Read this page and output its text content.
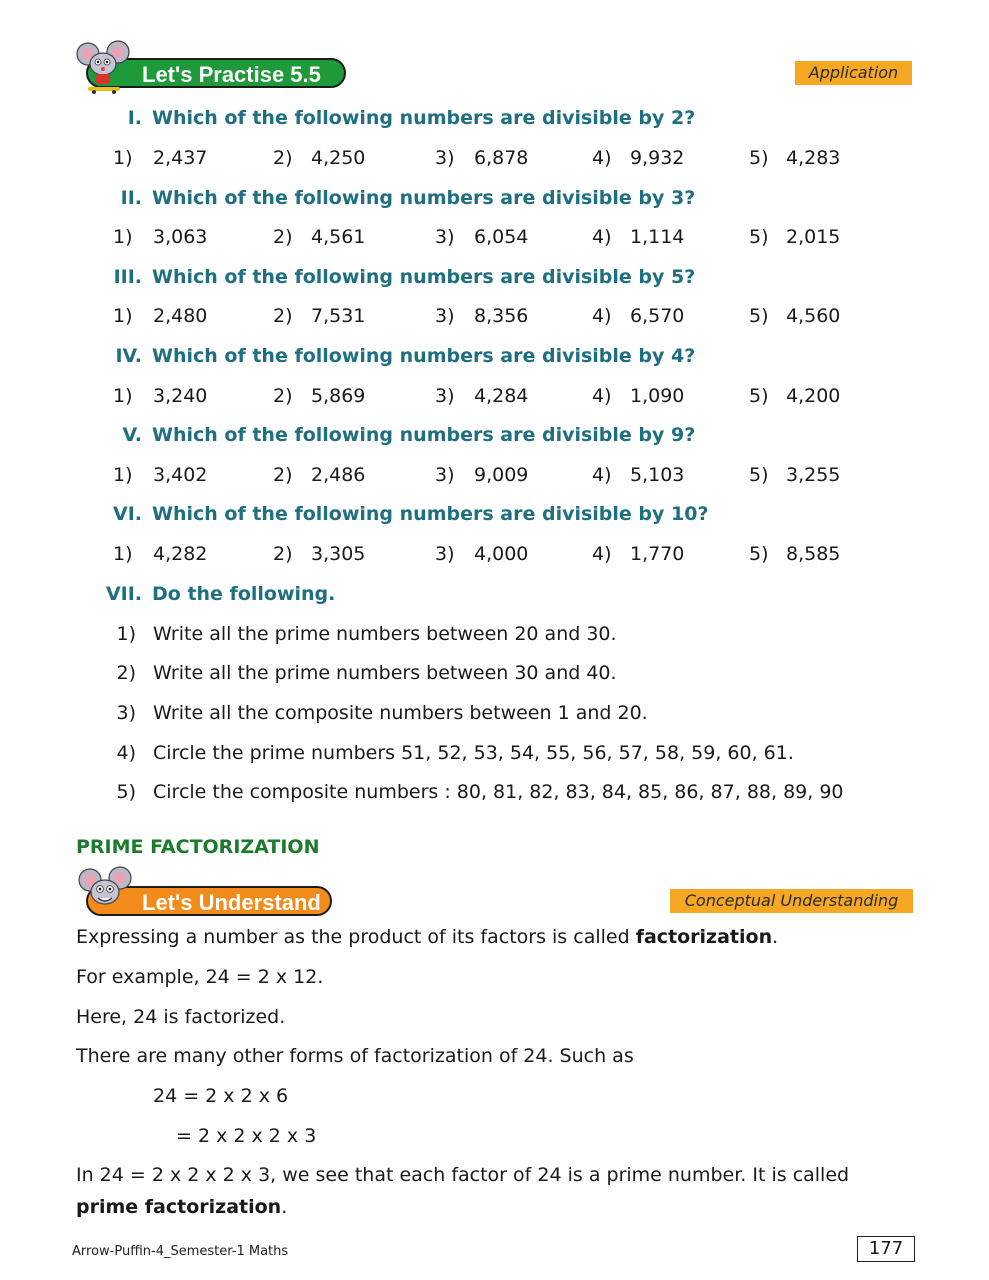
Let's Practise 5.5	Application
I. Which of the following numbers are divisible by 2?
1) 2,437	2) 4,250	3) 6,878	4) 9,932	5) 4,283
II. Which of the following numbers are divisible by 3?
1) 3,063	2) 4,561	3) 6,054	4) 1,114	5) 2,015
III. Which of the following numbers are divisible by 5?
1) 2,480	2) 7,531	3) 8,356	4) 6,570	5) 4,560
IV. Which of the following numbers are divisible by 4?
1) 3,240	2) 5,869	3) 4,284	4) 1,090	5) 4,200
V. Which of the following numbers are divisible by 9?
1) 3,402	2) 2,486	3) 9,009	4) 5,103	5) 3,255
VI. Which of the following numbers are divisible by 10?
1) 4,282	2) 3,305	3) 4,000	4) 1,770	5) 8,585
VII. Do the following.
1) Write all the prime numbers between 20 and 30.
2) Write all the prime numbers between 30 and 40.
3) Write all the composite numbers between 1 and 20.
4) Circle the prime numbers 51, 52, 53, 54, 55, 56, 57, 58, 59, 60, 61.
5) Circle the composite numbers : 80, 81, 82, 83, 84, 85, 86, 87, 88, 89, 90
PRIME FACTORIZATION
Let's Understand	Conceptual Understanding
Expressing a number as the product of its factors is called factorization.
For example, 24 = 2 x 12.
Here, 24 is factorized.
There are many other forms of factorization of 24. Such as
24 = 2 x 2 x 6
= 2 x 2 x 2 x 3
In 24 = 2 x 2 x 2 x 3, we see that each factor of 24 is a prime number. It is called
prime factorization.
Arrow-Puffin-4_Semester-1 Maths	177
